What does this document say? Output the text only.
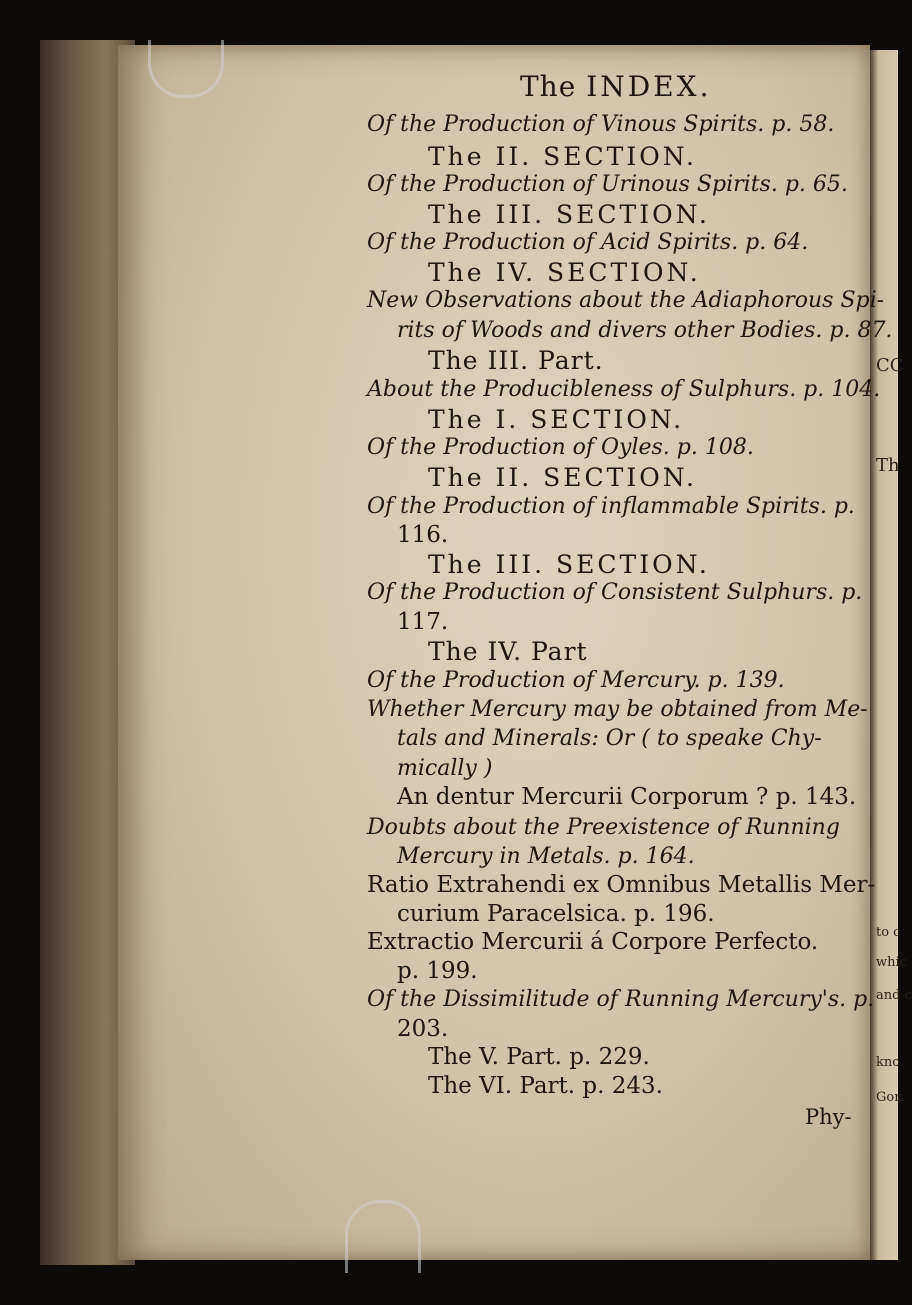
The INDEX.
Of the Production of Vinous Spirits. p. 58.
The II. SECTION.
Of the Production of Urinous Spirits. p. 65.
The III. SECTION.
Of the Production of Acid Spirits. p. 64.
The IV. SECTION.
New Observations about the Adiaphorous Spi-
rits of Woods and divers other Bodies. p. 87.
The III. Part.
About the Producibleness of Sulphurs. p. 104.
The I. SECTION.
Of the Production of Oyles. p. 108.
The II. SECTION.
Of the Production of inflammable Spirits. p.
116.
The III. SECTION.
Of the Production of Consistent Sulphurs. p.
117.
The IV. Part
Of the Production of Mercury. p. 139.
Whether Mercury may be obtained from Me-
tals and Minerals: Or ( to speake Chy-
mically )
An dentur Mercurii Corporum ? p. 143.
Doubts about the Preexistence of Running
Mercury in Metals. p. 164.
Ratio Extrahendi ex Omnibus Metallis Mer-
curium Paracelsica. p. 196.
Extractio Mercurii á Corpore Perfecto.
p. 199.
Of the Dissimilitude of Running Mercury's. p.
203.
The V. Part. p. 229.
The VI. Part. p. 243.
Phy-
CC
Th
to c
whic
and c
kno
Gon
